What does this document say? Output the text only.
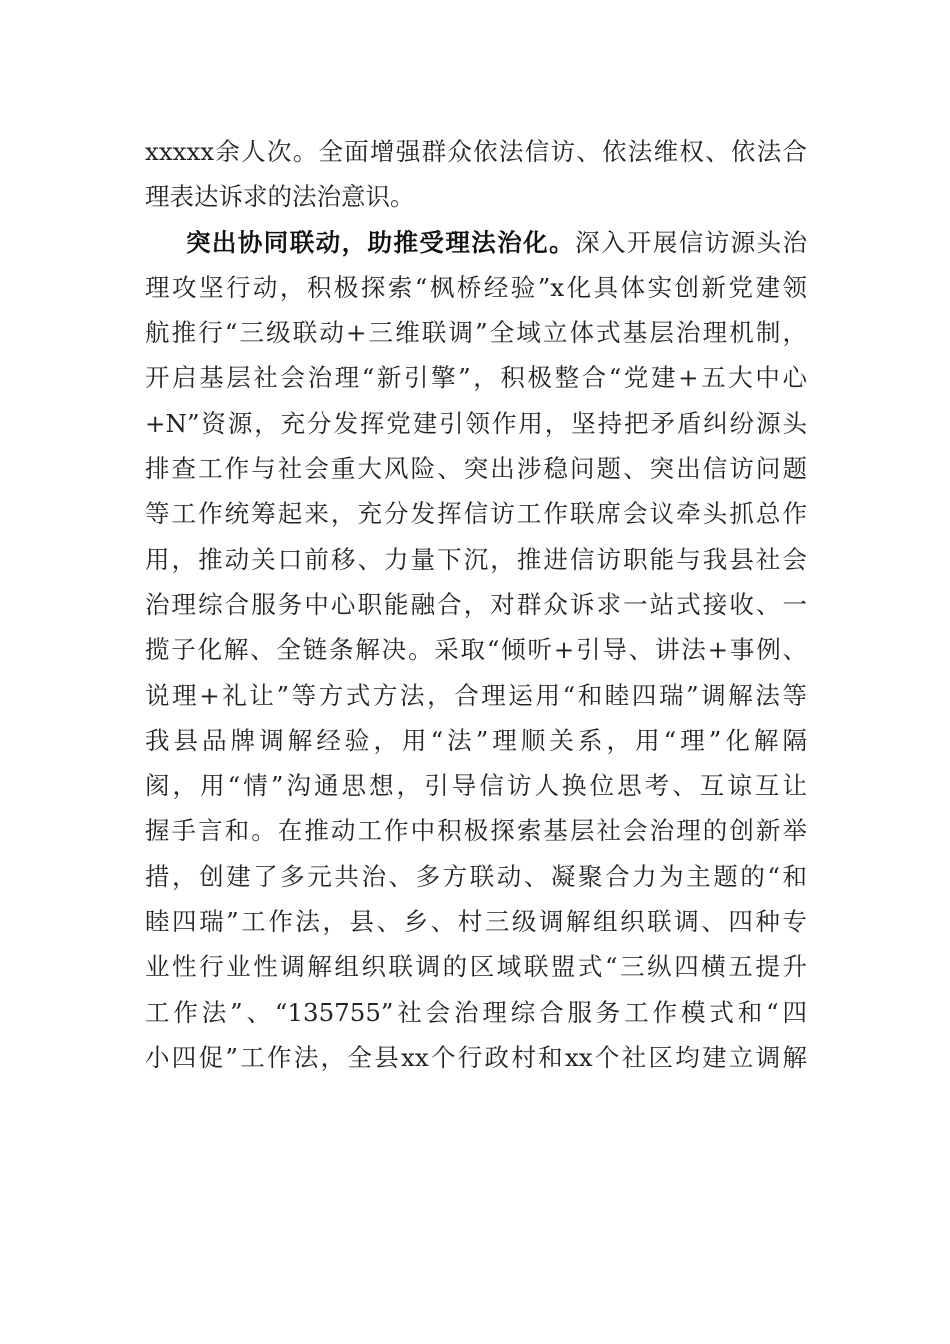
xxxxx余人次。全面增强群众依法信访、依法维权、依法合
理表达诉求的法治意识。
突出协同联动，助推受理法治化。深入开展信访源头治
理攻坚行动，积极探索“枫桥经验”x化具体实创新党建领
航推行“三级联动+三维联调”全域立体式基层治理机制，
开启基层社会治理“新引擎”，积极整合“党建+五大中心
+N”资源，充分发挥党建引领作用，坚持把矛盾纠纷源头
排查工作与社会重大风险、突出涉稳问题、突出信访问题
等工作统筹起来，充分发挥信访工作联席会议牵头抓总作
用，推动关口前移、力量下沉，推进信访职能与我县社会
治理综合服务中心职能融合，对群众诉求一站式接收、一
揽子化解、全链条解决。采取“倾听+引导、讲法+事例、
说理+礼让”等方式方法，合理运用“和睦四瑞”调解法等
我县品牌调解经验，用“法”理顺关系，用“理”化解隔
阂，用“情”沟通思想，引导信访人换位思考、互谅互让
握手言和。在推动工作中积极探索基层社会治理的创新举
措，创建了多元共治、多方联动、凝聚合力为主题的“和
睦四瑞”工作法，县、乡、村三级调解组织联调、四种专
业性行业性调解组织联调的区域联盟式“三纵四横五提升
工作法”、“135755”社会治理综合服务工作模式和“四
小四促”工作法，全县xx个行政村和xx个社区均建立调解
